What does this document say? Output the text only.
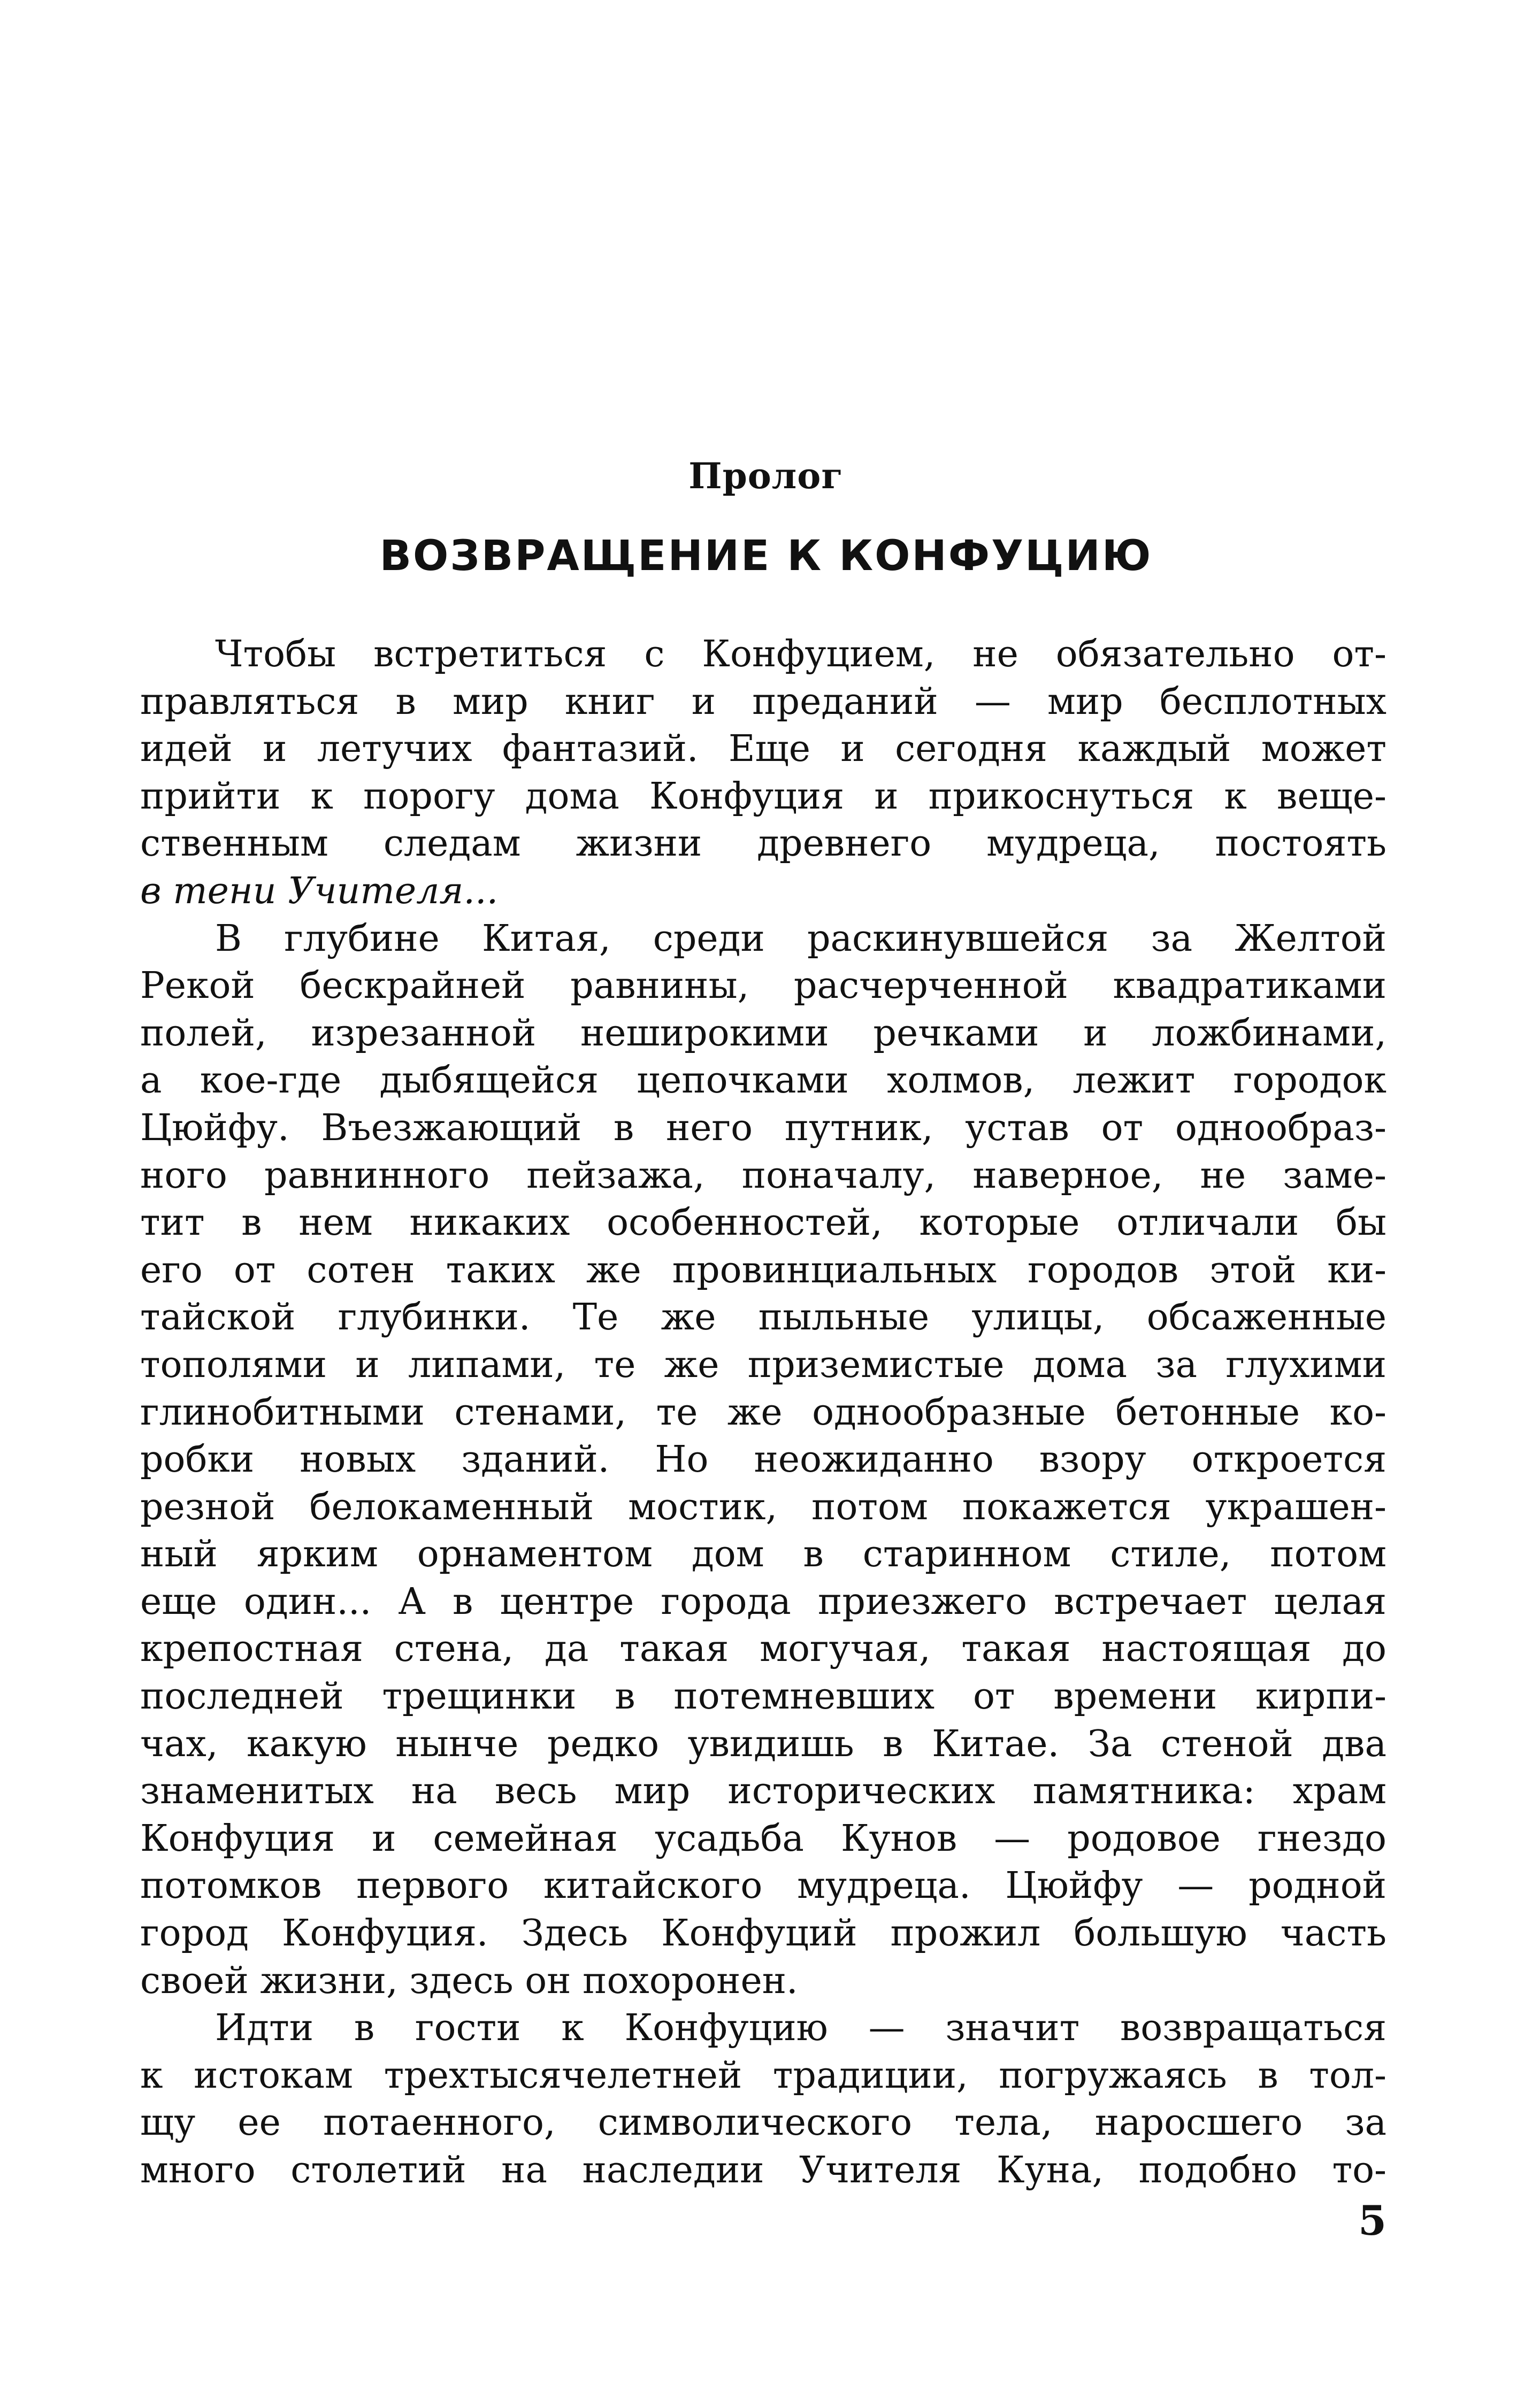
Пролог
ВОЗВРАЩЕНИЕ К КОНФУЦИЮ
Чтобы встретиться с Конфуцием, не обязательно от-
правляться в мир книг и преданий — мир бесплотных
идей и летучих фантазий. Еще и сегодня каждый может
прийти к порогу дома Конфуция и прикоснуться к веще-
ственным следам жизни древнего мудреца, постоять
в тени Учителя...
В глубине Китая, среди раскинувшейся за Желтой
Рекой бескрайней равнины, расчерченной квадратиками
полей, изрезанной неширокими речками и ложбинами,
а кое-где дыбящейся цепочками холмов, лежит городок
Цюйфу. Въезжающий в него путник, устав от однообраз-
ного равнинного пейзажа, поначалу, наверное, не заме-
тит в нем никаких особенностей, которые отличали бы
его от сотен таких же провинциальных городов этой ки-
тайской глубинки. Те же пыльные улицы, обсаженные
тополями и липами, те же приземистые дома за глухими
глинобитными стенами, те же однообразные бетонные ко-
робки новых зданий. Но неожиданно взору откроется
резной белокаменный мостик, потом покажется украшен-
ный ярким орнаментом дом в старинном стиле, потом
еще один... А в центре города приезжего встречает целая
крепостная стена, да такая могучая, такая настоящая до
последней трещинки в потемневших от времени кирпи-
чах, какую нынче редко увидишь в Китае. За стеной два
знаменитых на весь мир исторических памятника: храм
Конфуция и семейная усадьба Кунов — родовое гнездо
потомков первого китайского мудреца. Цюйфу — родной
город Конфуция. Здесь Конфуций прожил большую часть
своей жизни, здесь он похоронен.
Идти в гости к Конфуцию — значит возвращаться
к истокам трехтысячелетней традиции, погружаясь в тол-
щу ее потаенного, символического тела, наросшего за
много столетий на наследии Учителя Куна, подобно то-
5
